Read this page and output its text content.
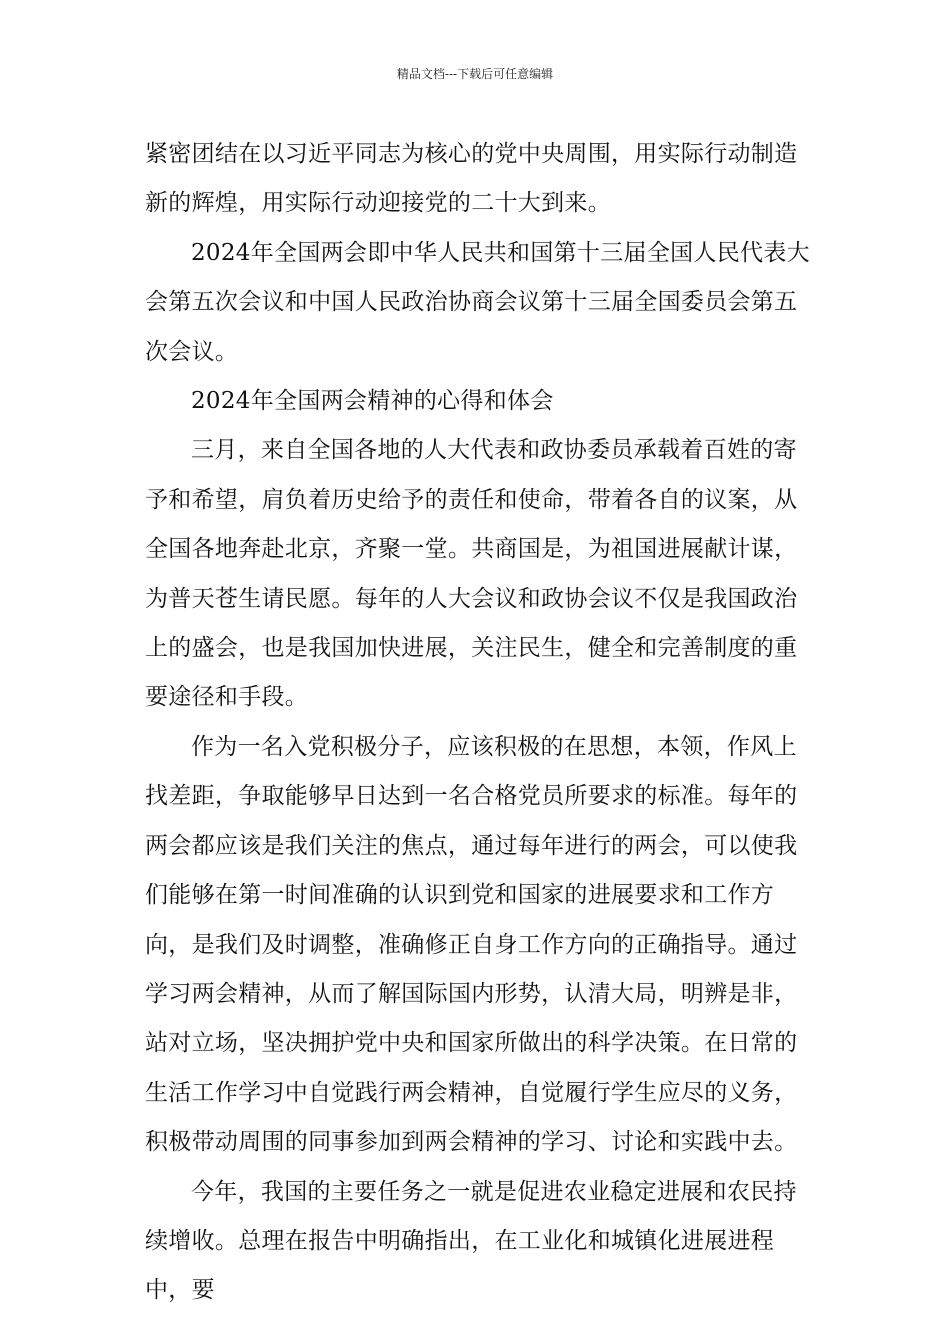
精品文档---下载后可任意编辑

紧密团结在以习近平同志为核心的党中央周围，用实际行动制造新的辉煌，用实际行动迎接党的二十大到来。

2024年全国两会即中华人民共和国第十三届全国人民代表大会第五次会议和中国人民政治协商会议第十三届全国委员会第五次会议。

2024年全国两会精神的心得和体会

三月，来自全国各地的人大代表和政协委员承载着百姓的寄予和希望，肩负着历史给予的责任和使命，带着各自的议案，从全国各地奔赴北京，齐聚一堂。共商国是，为祖国进展献计谋，为普天苍生请民愿。每年的人大会议和政协会议不仅是我国政治上的盛会，也是我国加快进展，关注民生，健全和完善制度的重要途径和手段。

作为一名入党积极分子，应该积极的在思想，本领，作风上找差距，争取能够早日达到一名合格党员所要求的标准。每年的两会都应该是我们关注的焦点，通过每年进行的两会，可以使我们能够在第一时间准确的认识到党和国家的进展要求和工作方向，是我们及时调整，准确修正自身工作方向的正确指导。通过学习两会精神，从而了解国际国内形势，认清大局，明辨是非，站对立场，坚决拥护党中央和国家所做出的科学决策。在日常的生活工作学习中自觉践行两会精神，自觉履行学生应尽的义务，积极带动周围的同事参加到两会精神的学习、讨论和实践中去。

今年，我国的主要任务之一就是促进农业稳定进展和农民持续增收。总理在报告中明确指出，在工业化和城镇化进展进程中，要
